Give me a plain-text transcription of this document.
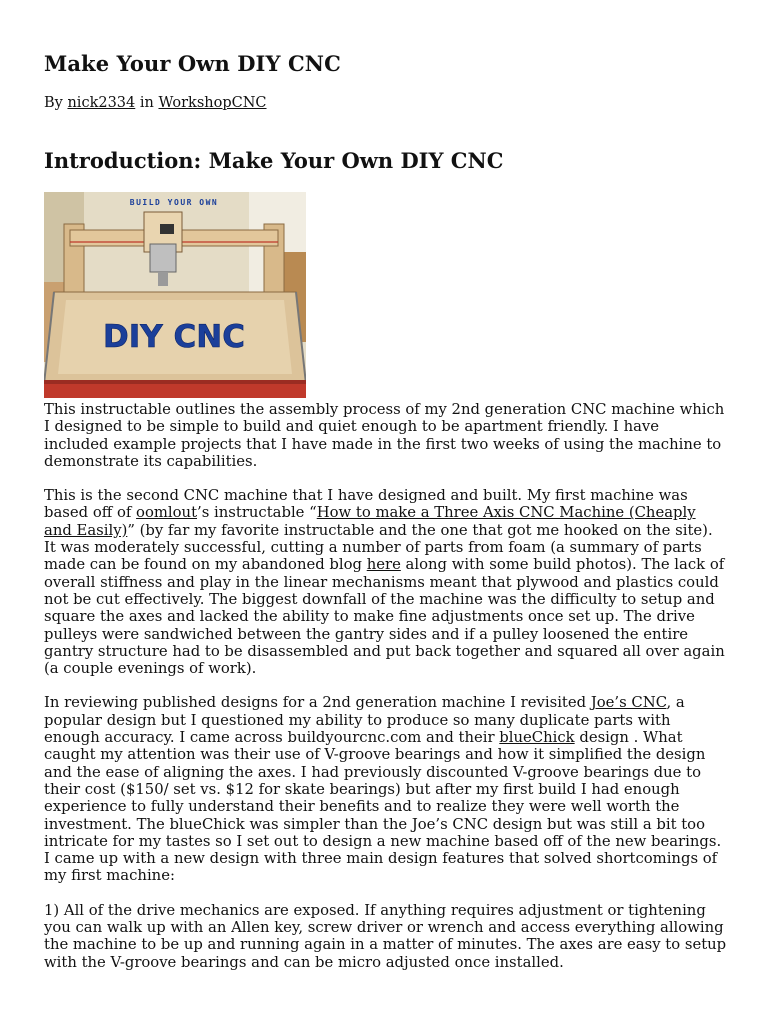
Make Your Own DIY CNC

By nick2334 in WorkshopCNC

Introduction: Make Your Own DIY CNC
BUILD YOUR OWN
DIY CNC

This instructable outlines the assembly process of my 2nd generation CNC machine which I designed to be simple to build and quiet enough to be apartment friendly. I have included example projects that I have made in the first two weeks of using the machine to demonstrate its capabilities.

This is the second CNC machine that I have designed and built. My first machine was based off of oomlout’s instructable “How to make a Three Axis CNC Machine (Cheaply and Easily)” (by far my favorite instructable and the one that got me hooked on the site). It was moderately successful, cutting a number of parts from foam (a summary of parts made can be found on my abandoned blog here along with some build photos). The lack of overall stiffness and play in the linear mechanisms meant that plywood and plastics could not be cut effectively. The biggest downfall of the machine was the difficulty to setup and square the axes and lacked the ability to make fine adjustments once set up. The drive pulleys were sandwiched between the gantry sides and if a pulley loosened the entire gantry structure had to be disassembled and put back together and squared all over again (a couple evenings of work).

In reviewing published designs for a 2nd generation machine I revisited Joe’s CNC, a popular design but I questioned my ability to produce so many duplicate parts with enough accuracy. I came across buildyourcnc.com and their blueChick design . What caught my attention was their use of V-groove bearings and how it simplified the design and the ease of aligning the axes. I had previously discounted V-groove bearings due to their cost ($150/ set vs. $12 for skate bearings) but after my first build I had enough experience to fully understand their benefits and to realize they were well worth the investment. The blueChick was simpler than the Joe’s CNC design but was still a bit too intricate for my tastes so I set out to design a new machine based off of the new bearings. I came up with a new design with three main design features that solved shortcomings of my first machine:

1) All of the drive mechanics are exposed. If anything requires adjustment or tightening you can walk up with an Allen key, screw driver or wrench and access everything allowing the machine to be up and running again in a matter of minutes. The axes are easy to setup with the V-groove bearings and can be micro adjusted once installed.
